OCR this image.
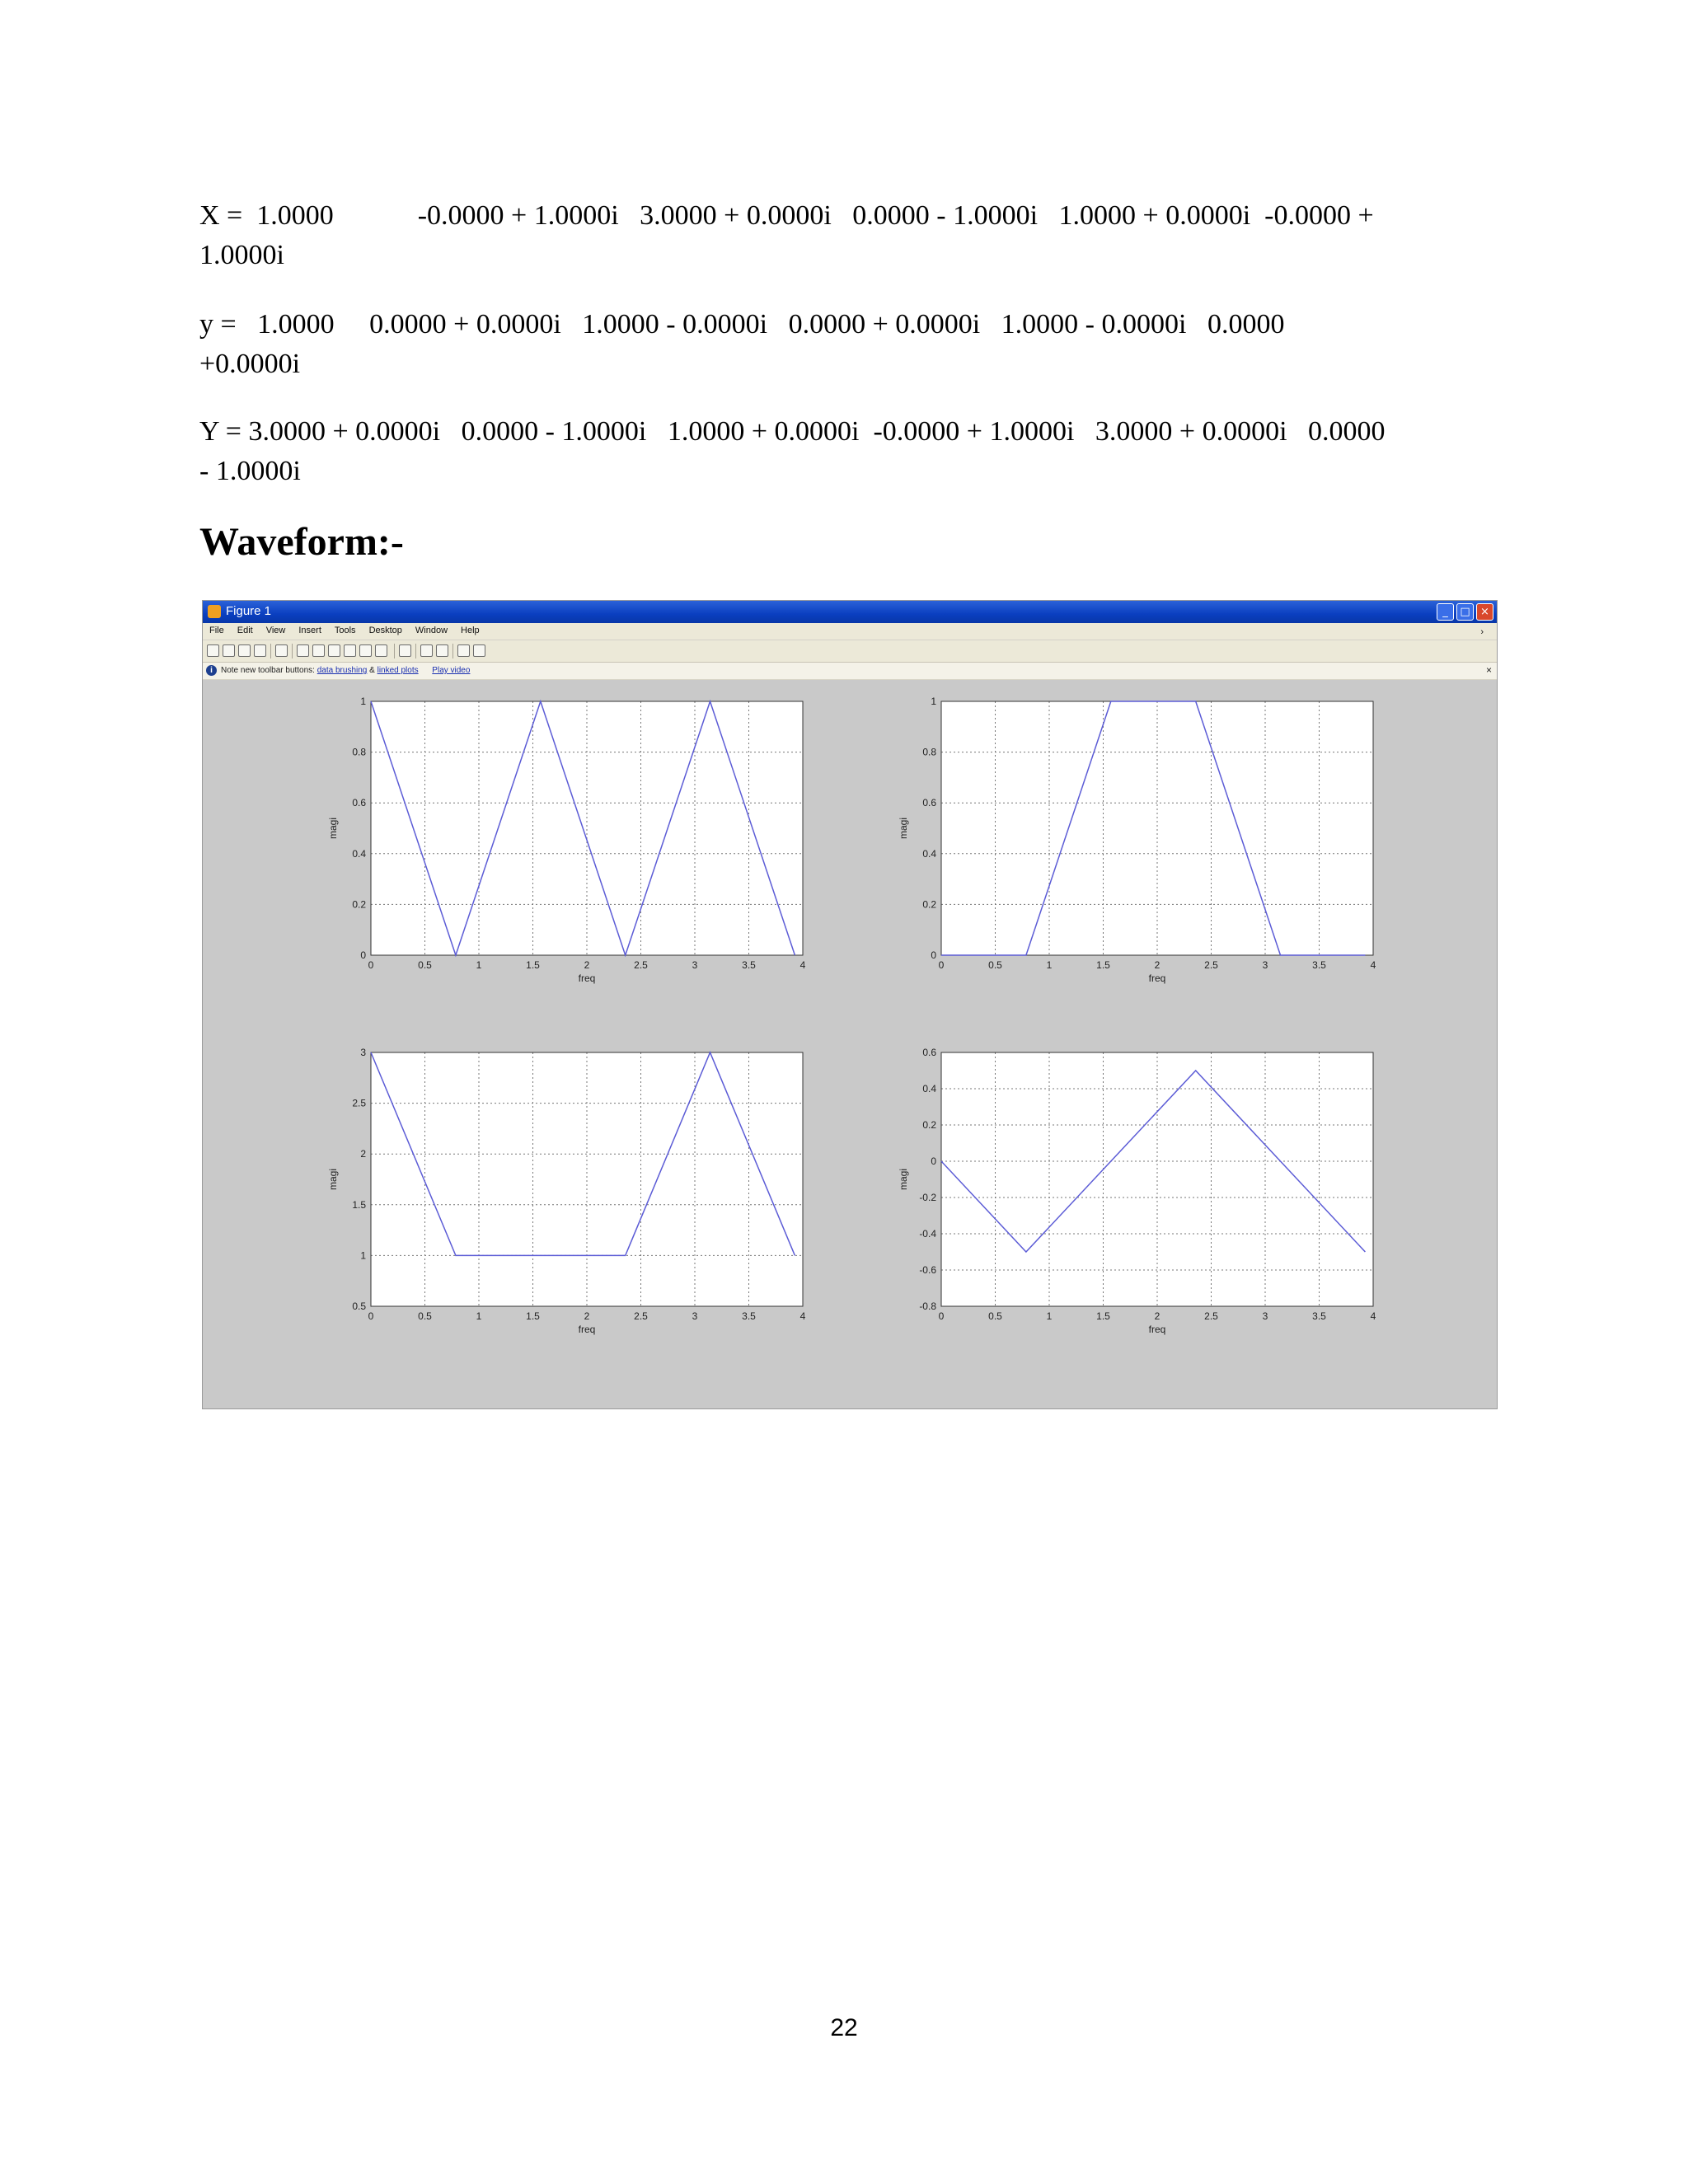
X =  1.0000            -0.0000 + 1.0000i   3.0000 + 0.0000i   0.0000 - 1.0000i   1.0000 + 0.0000i  -0.0000 +
1.0000i

y =   1.0000     0.0000 + 0.0000i   1.0000 - 0.0000i   0.0000 + 0.0000i   1.0000 - 0.0000i   0.0000
+0.0000i

Y = 3.0000 + 0.0000i   0.0000 - 1.0000i   1.0000 + 0.0000i  -0.0000 + 1.0000i   3.0000 + 0.0000i   0.0000
- 1.0000i

Waveform:-
Figure 1	_	□ ×
File Edit View Insert Tools Desktop Window Help	›
i	Note new toolbar buttons: data brushing & linked plots Play video	×
0	0.5	1	1.5	2	2.5	3	3.5	4
0
0.2
0.4
0.6
0.8
1
freq
magi
0	0.5	1	1.5	2	2.5	3	3.5	4
0
0.2
0.4
0.6
0.8
1
freq
magi
0	0.5	1	1.5	2	2.5	3	3.5	4
0.5
1
1.5
2
2.5
3
freq
magi
0	0.5	1	1.5	2	2.5	3	3.5	4
-0.8
-0.6
-0.4
-0.2
0
0.2
0.4
0.6
freq
magi
22
